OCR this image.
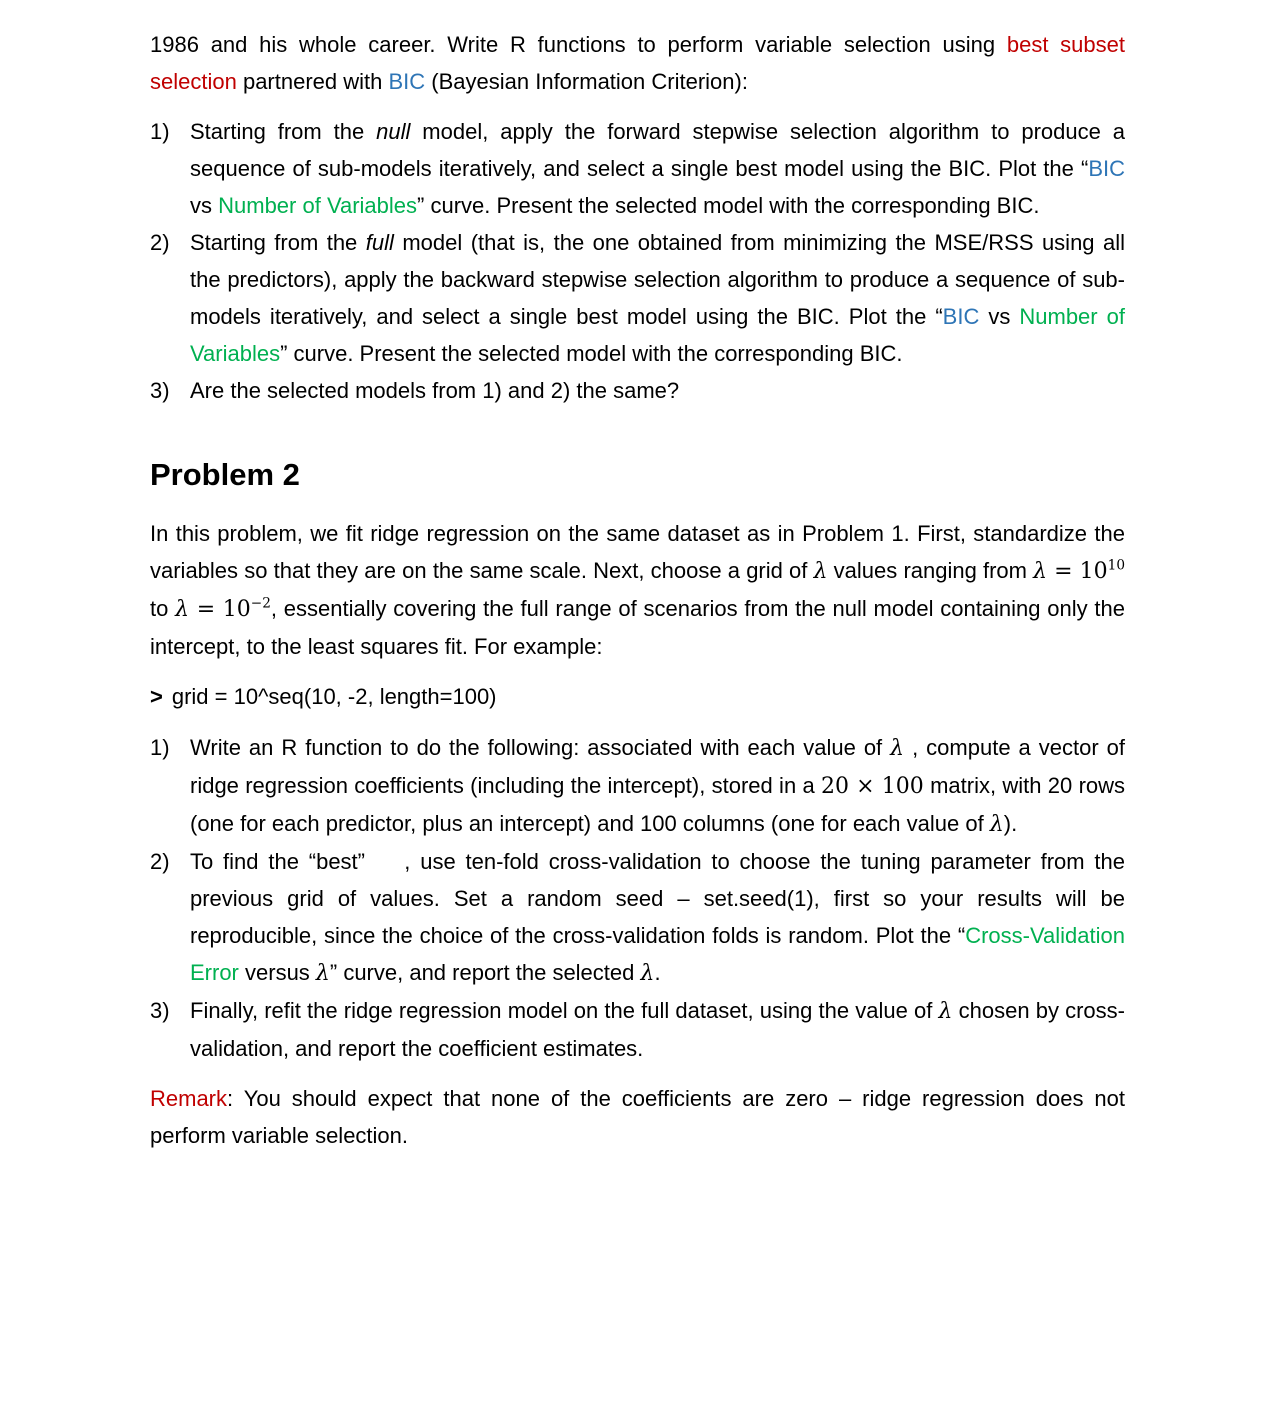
1986 and his whole career. Write R functions to perform variable selection using best subset selection partnered with BIC (Bayesian Information Criterion):

1) Starting from the null model, apply the forward stepwise selection algorithm to produce a sequence of sub-models iteratively, and select a single best model using the BIC. Plot the “BIC vs Number of Variables” curve. Present the selected model with the corresponding BIC.
2) Starting from the full model (that is, the one obtained from minimizing the MSE/RSS using all the predictors), apply the backward stepwise selection algorithm to produce a sequence of sub-models iteratively, and select a single best model using the BIC. Plot the “BIC vs Number of Variables” curve. Present the selected model with the corresponding BIC.
3) Are the selected models from 1) and 2) the same?
Problem 2

In this problem, we fit ridge regression on the same dataset as in Problem 1. First, standardize the variables so that they are on the same scale. Next, choose a grid of λ values ranging from $\lambda = 10^{10}$ to $\lambda = 10^{-2}$, essentially covering the full range of scenarios from the null model containing only the intercept, to the least squares fit. For example:

> grid = 10^seq(10, -2, length=100)

1) Write an R function to do the following: associated with each value of λ , compute a vector of ridge regression coefficients (including the intercept), stored in a 20 × 100 matrix, with 20 rows (one for each predictor, plus an intercept) and 100 columns (one for each value of λ).
2) To find the “best”    , use ten-fold cross-validation to choose the tuning parameter from the previous grid of values. Set a random seed – set.seed(1), first so your results will be reproducible, since the choice of the cross-validation folds is random. Plot the “Cross-Validation Error versus λ” curve, and report the selected λ.
3) Finally, refit the ridge regression model on the full dataset, using the value of λ chosen by cross-validation, and report the coefficient estimates.

Remark: You should expect that none of the coefficients are zero – ridge regression does not perform variable selection.
